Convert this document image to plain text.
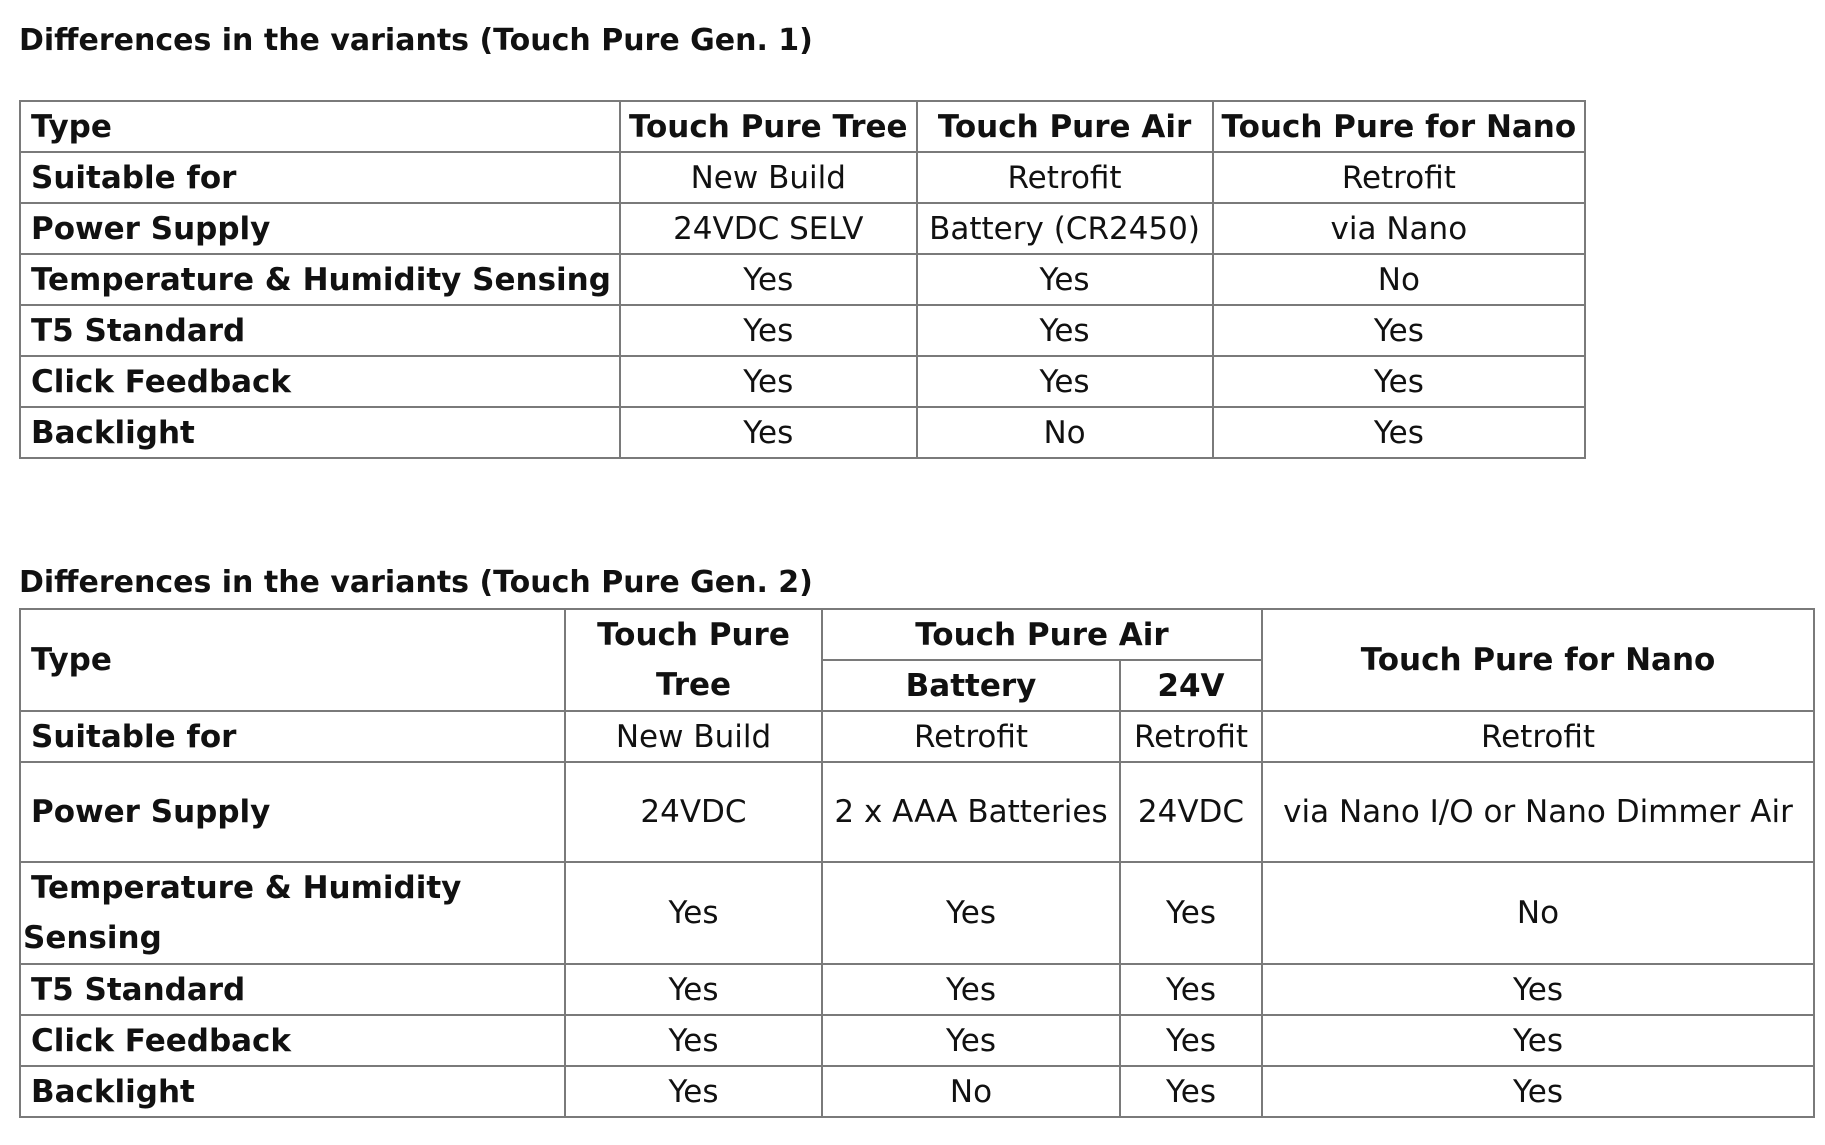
Differences in the variants (Touch Pure Gen. 1)
Type	Touch Pure Tree	Touch Pure Air	Touch Pure for Nano
Suitable for	New Build	Retrofit	Retrofit
Power Supply	24VDC SELV	Battery (CR2450)	via Nano
Temperature & Humidity Sensing	Yes	Yes	No
T5 Standard	Yes	Yes	Yes
Click Feedback	Yes	Yes	Yes
Backlight	Yes	No	Yes
Differences in the variants (Touch Pure Gen. 2)
Type	Touch Pure Tree	Touch Pure Air		Touch Pure for Nano
		Battery	24V	
Suitable for	New Build	Retrofit	Retrofit	Retrofit
Power Supply	24VDC	2 x AAA Batteries	24VDC	via Nano I/O or Nano Dimmer Air
Temperature & Humidity Sensing	Yes	Yes	Yes	No
T5 Standard	Yes	Yes	Yes	Yes
Click Feedback	Yes	Yes	Yes	Yes
Backlight	Yes	No	Yes	Yes
